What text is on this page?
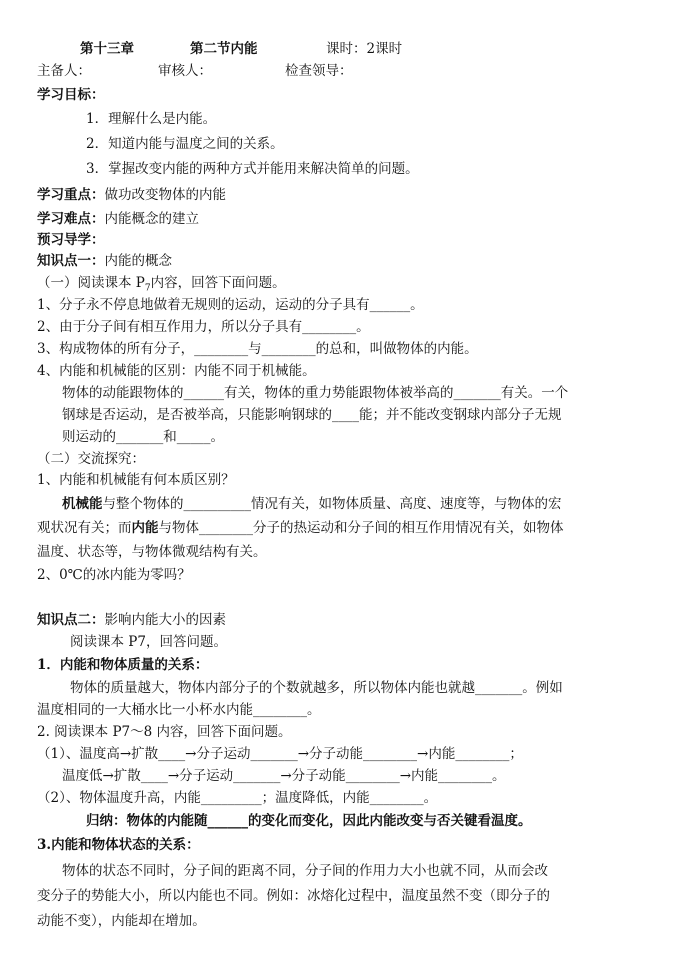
第十三章	第二节内能	课时：2课时
主备人：	审核人：	检查领导：
学习目标：
1．理解什么是内能。
2．知道内能与温度之间的关系。
3．掌握改变内能的两种方式并能用来解决简单的问题。
学习重点：做功改变物体的内能
学习难点：内能概念的建立
预习导学：
知识点一：内能的概念
（一）阅读课本 $P_7$内容，回答下面问题。
1、分子永不停息地做着无规则的运动，运动的分子具有______。
2、由于分子间有相互作用力，所以分子具有________。
3、构成物体的所有分子，________与________的总和，叫做物体的内能。
4、内能和机械能的区别：内能不同于机械能。
物体的动能跟物体的______有关，物体的重力势能跟物体被举高的_______有关。一个
钢球是否运动，是否被举高，只能影响钢球的____能；并不能改变钢球内部分子无规
则运动的_______和_____。
（二）交流探究：
1、内能和机械能有何本质区别？
机械能与整个物体的__________情况有关，如物体质量、高度、速度等，与物体的宏
观状况有关；而内能与物体________分子的热运动和分子间的相互作用情况有关，如物体
温度、状态等，与物体微观结构有关。
2、0℃的冰内能为零吗？
知识点二：影响内能大小的因素
阅读课本 P7，回答问题。
1．内能和物体质量的关系：
物体的质量越大，物体内部分子的个数就越多，所以物体内能也就越_______。例如
温度相同的一大桶水比一小杯水内能________。
2. 阅读课本 P7～8 内容，回答下面问题。
（1）、温度高→扩散____→分子运动_______→分子动能________→内能________；
温度低→扩散____→分子运动_______→分子动能________→内能________。
（2）、物体温度升高，内能_________；温度降低，内能________。
归纳：物体的内能随______的变化而变化，因此内能改变与否关键看温度。
3.内能和物体状态的关系：
物体的状态不同时，分子间的距离不同，分子间的作用力大小也就不同，从而会改
变分子的势能大小，所以内能也不同。例如：冰熔化过程中，温度虽然不变（即分子的
动能不变），内能却在增加。
